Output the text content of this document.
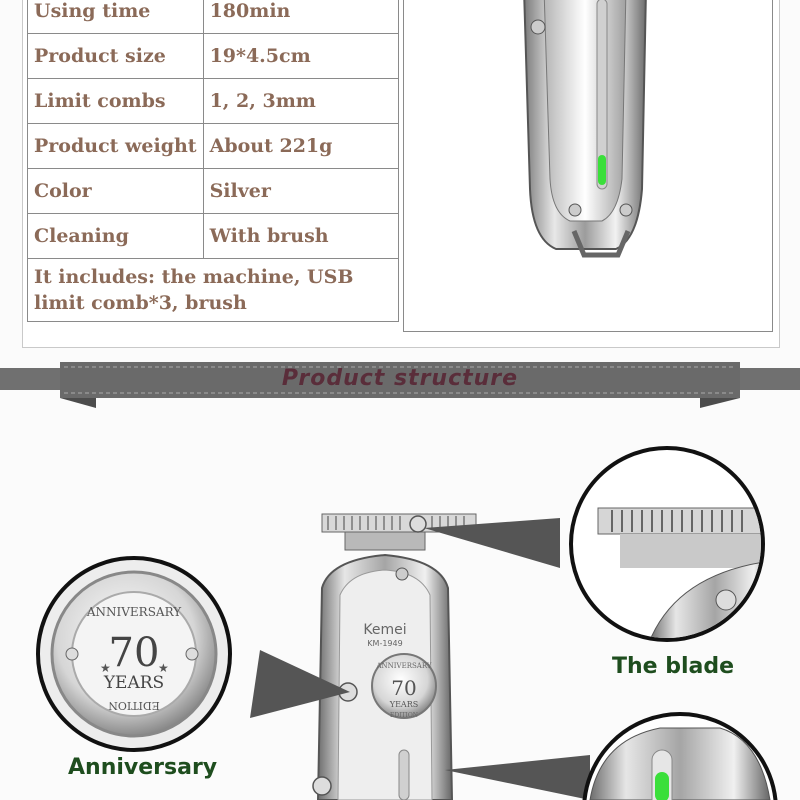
Using time	180min
Product size	19*4.5cm
Limit combs	1, 2, 3mm
Product weight	About 221g
Color	Silver
Cleaning	With brush
It includes: the machine, USB limit comb*3, brush	
Product structure
Kemei
KM-1949
ANNIVERSARY
70
YEARS
EDITION
ANNIVERSARY
70
YEARS
EDITION
★	★	The blade
Anniversary
